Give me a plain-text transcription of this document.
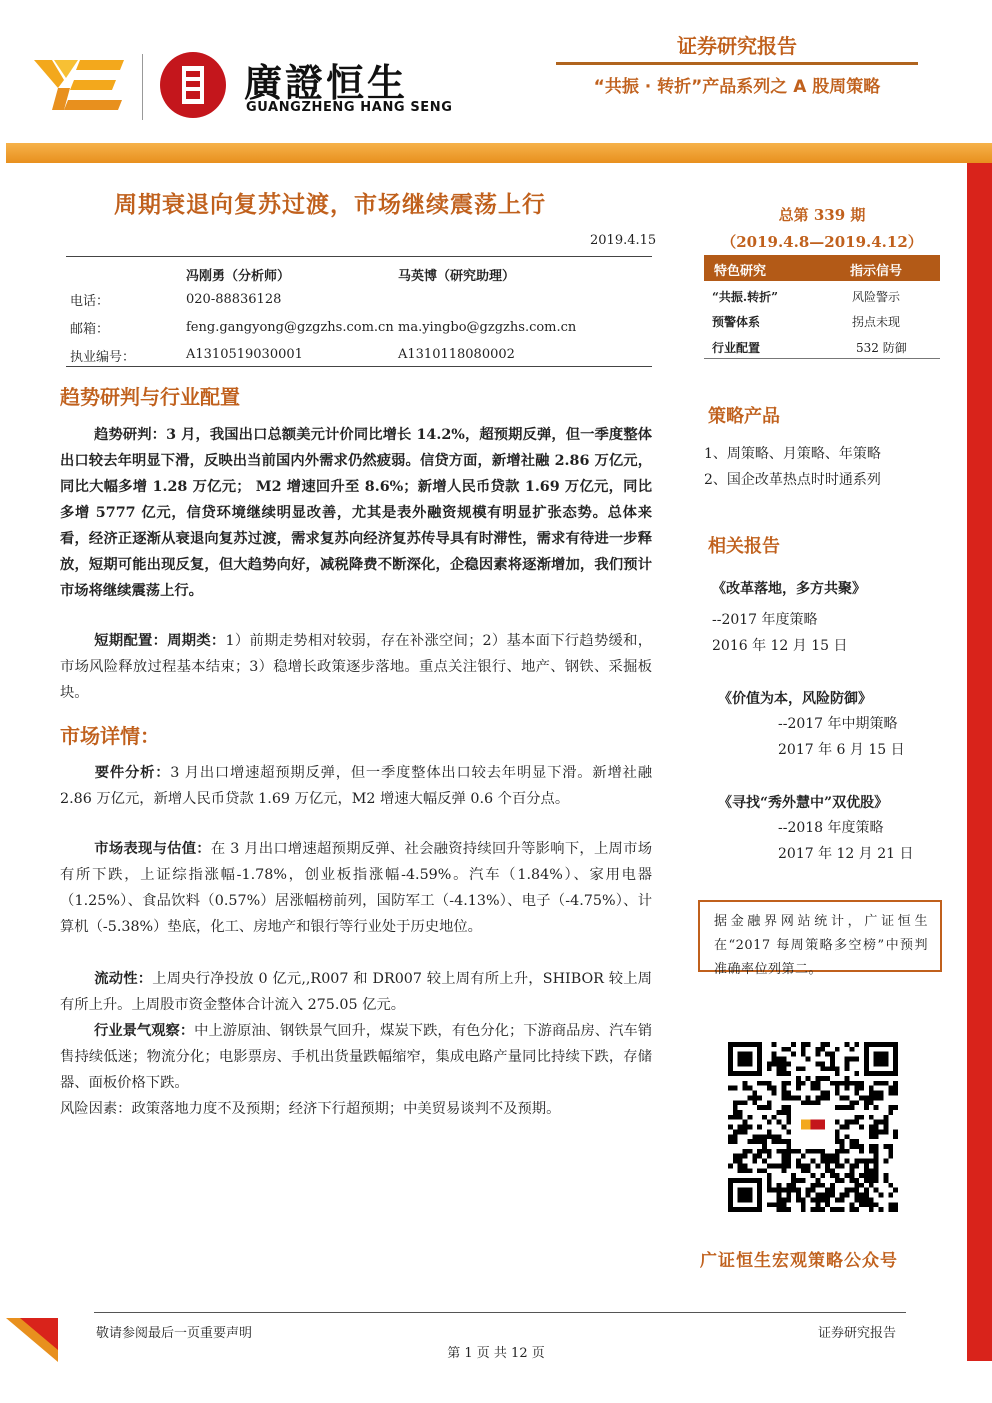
廣證恒生
GUANGZHENG HANG SENG
证券研究报告
“共振 · 转折”产品系列之 A 股周策略
周期衰退向复苏过渡，市场继续震荡上行
2019.4.15
冯刚勇（分析师）	马英博（研究助理）
电话：	020-88836128
邮箱：	feng.gangyong@gzgzhs.com.cn ma.yingbo@gzgzhs.com.cn
执业编号：	A1310519030001	A1310118080002
趋势研判与行业配置
趋势研判：3 月，我国出口总额美元计价同比增长 14.2%，超预期反弹，但一季度整体出口较去年明显下滑，反映出当前国内外需求仍然疲弱。信贷方面，新增社融 2.86 万亿元，同比大幅多增 1.28 万亿元； M2 增速回升至 8.6%；新增人民币贷款 1.69 万亿元，同比多增 5777 亿元，信贷环境继续明显改善，尤其是表外融资规模有明显扩张态势。总体来看，经济正逐渐从衰退向复苏过渡，需求复苏向经济复苏传导具有时滞性，需求有待进一步释放，短期可能出现反复，但大趋势向好，减税降费不断深化，企稳因素将逐渐增加，我们预计市场将继续震荡上行。
短期配置：周期类：1）前期走势相对较弱，存在补涨空间；2）基本面下行趋势缓和，市场风险释放过程基本结束；3）稳增长政策逐步落地。重点关注银行、地产、钢铁、采掘板块。
市场详情：
要件分析：3 月出口增速超预期反弹，但一季度整体出口较去年明显下滑。新增社融 2.86 万亿元，新增人民币贷款 1.69 万亿元，M2 增速大幅反弹 0.6 个百分点。
市场表现与估值：在 3 月出口增速超预期反弹、社会融资持续回升等影响下，上周市场有所下跌，上证综指涨幅-1.78%，创业板指涨幅-4.59%。汽车（1.84%）、家用电器（1.25%）、食品饮料（0.57%）居涨幅榜前列，国防军工（-4.13%）、电子（-4.75%）、计算机（-5.38%）垫底，化工、房地产和银行等行业处于历史地位。
流动性：上周央行净投放 0 亿元,,R007 和 DR007 较上周有所上升，SHIBOR 较上周有所上升。上周股市资金整体合计流入 275.05 亿元。
行业景气观察：中上游原油、钢铁景气回升，煤炭下跌，有色分化；下游商品房、汽车销售持续低迷；物流分化；电影票房、手机出货量跌幅缩窄，集成电路产量同比持续下跌，存储器、面板价格下跌。
风险因素：政策落地力度不及预期；经济下行超预期；中美贸易谈判不及预期。
总第 339 期
（2019.4.8—2019.4.12）
特色研究	指示信号
“共振.转折”	风险警示
预警体系	拐点未现
行业配置	532 防御
策略产品
1、周策略、月策略、年策略
2、国企改革热点时时通系列
相关报告
《改革落地，多方共聚》
--2017 年度策略
2016 年 12 月 15 日
《价值为本，风险防御》
--2017 年中期策略
2017 年 6 月 15 日
《寻找“秀外慧中”双优股》
--2018 年度策略
2017 年 12 月 21 日
据金融界网站统计，广证恒生在“2017 每周策略多空榜”中预判准确率位列第二。
广证恒生宏观策略公众号
敬请参阅最后一页重要声明	证券研究报告
第 1 页 共 12 页
